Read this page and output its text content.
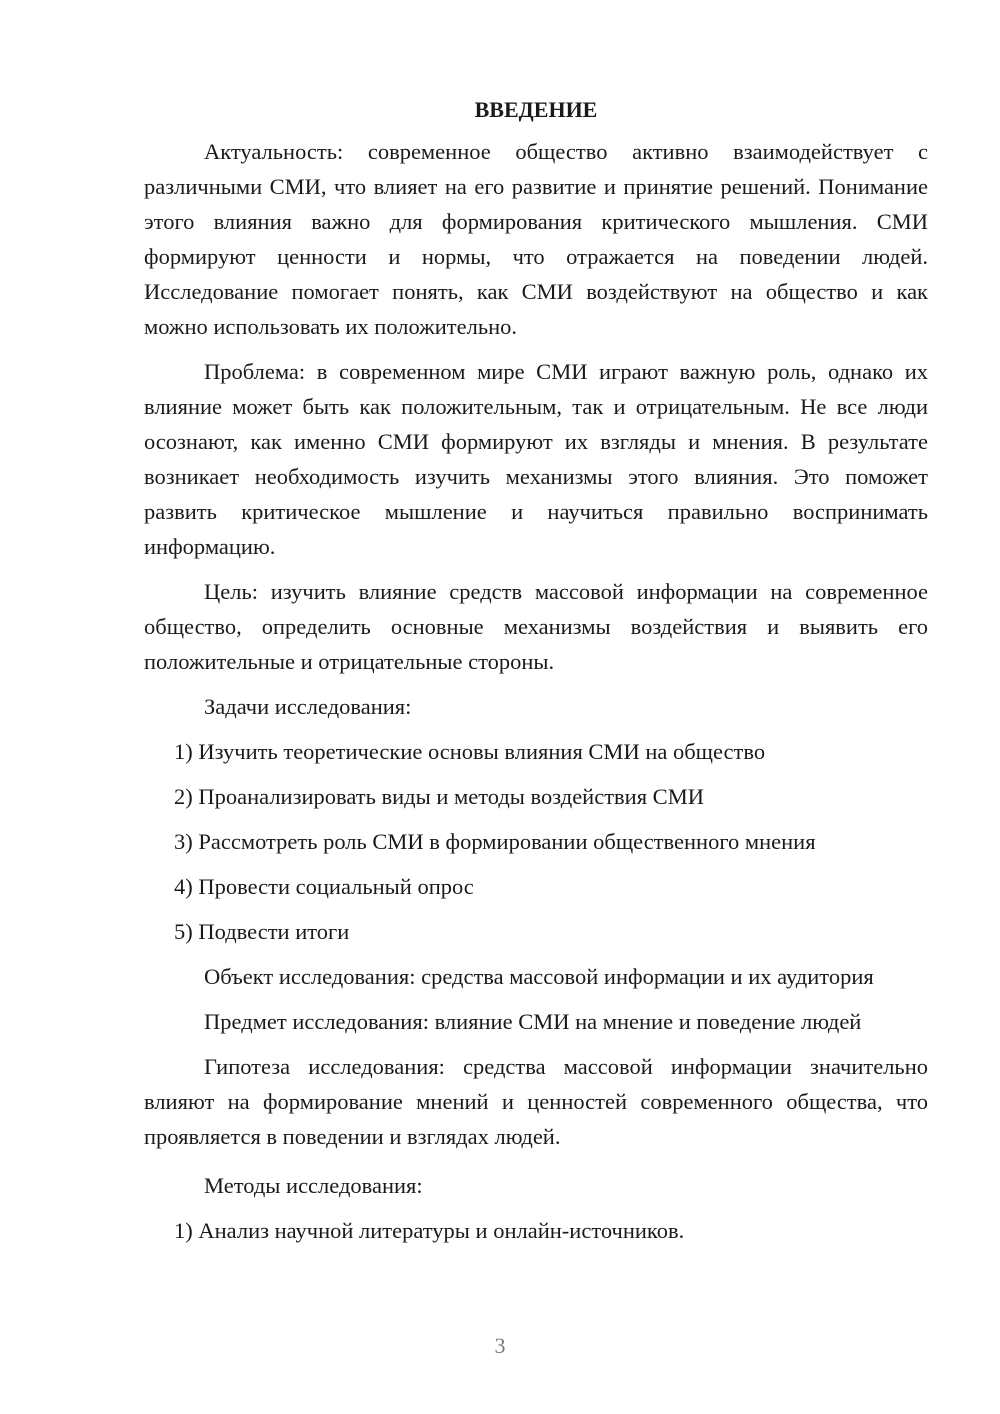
ВВЕДЕНИЕ

Актуальность: современное общество активно взаимодействует с различными СМИ, что влияет на его развитие и принятие решений. Понимание этого влияния важно для формирования критического мышления. СМИ формируют ценности и нормы, что отражается на поведении людей. Исследование помогает понять, как СМИ воздействуют на общество и как можно использовать их положительно.

Проблема: в современном мире СМИ играют важную роль, однако их влияние может быть как положительным, так и отрицательным. Не все люди осознают, как именно СМИ формируют их взгляды и мнения. В результате возникает необходимость изучить механизмы этого влияния. Это поможет развить критическое мышление и научиться правильно воспринимать информацию.

Цель: изучить влияние средств массовой информации на современное общество, определить основные механизмы воздействия и выявить его положительные и отрицательные стороны.

Задачи исследования:

1) Изучить теоретические основы влияния СМИ на общество
2) Проанализировать виды и методы воздействия СМИ
3) Рассмотреть роль СМИ в формировании общественного мнения
4) Провести социальный опрос
5) Подвести итоги

Объект исследования: средства массовой информации и их аудитория

Предмет исследования: влияние СМИ на мнение и поведение людей

Гипотеза исследования: средства массовой информации значительно влияют на формирование мнений и ценностей современного общества, что проявляется в поведении и взглядах людей.

Методы исследования:

1) Анализ научной литературы и онлайн-источников.
3
